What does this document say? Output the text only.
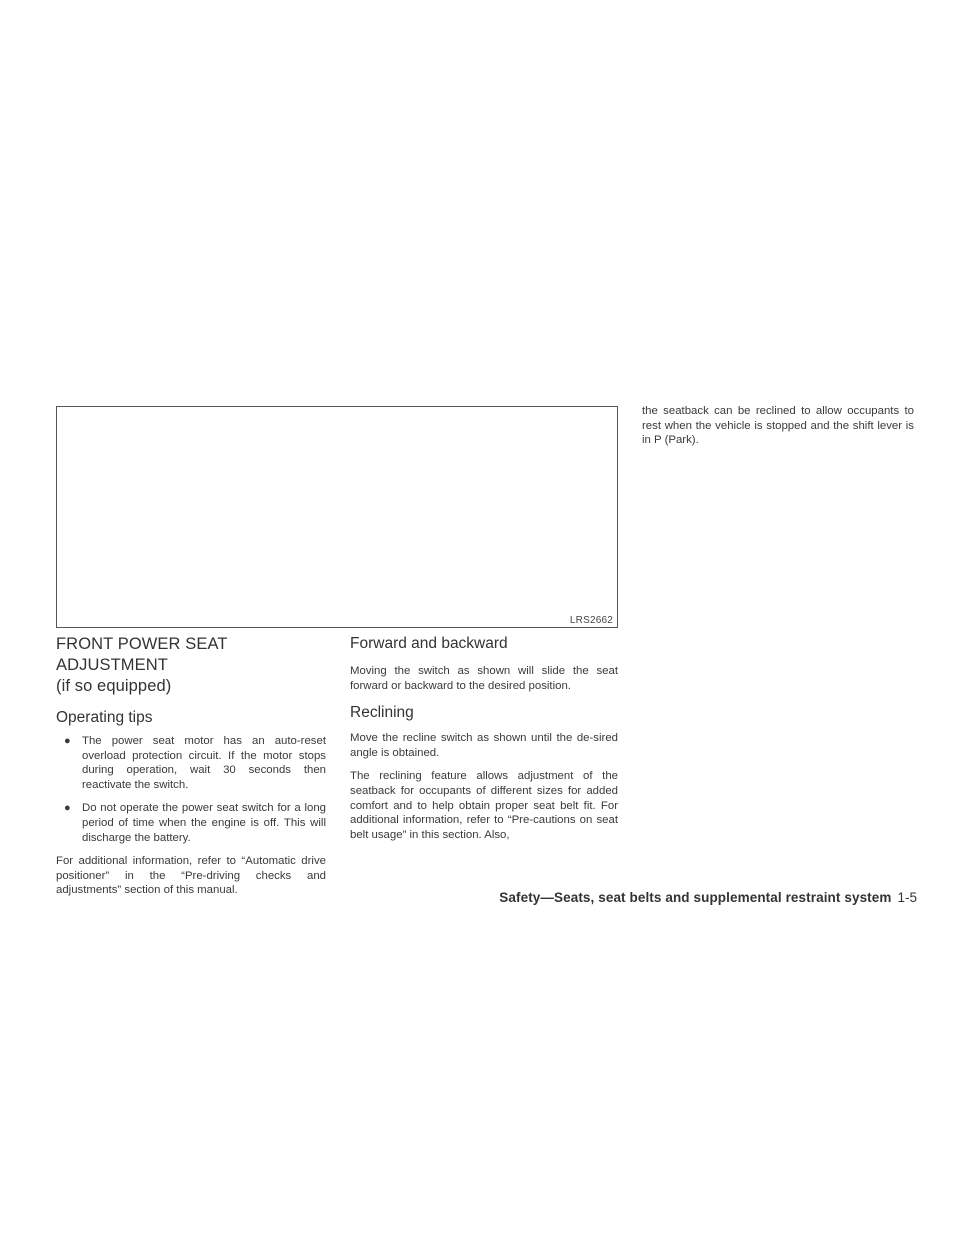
LRS2662
FRONT POWER SEAT ADJUSTMENT
(if so equipped)
Operating tips
● The power seat motor has an auto-reset overload protection circuit. If the motor stops during operation, wait 30 seconds then reactivate the switch.
● Do not operate the power seat switch for a long period of time when the engine is off. This will discharge the battery.

For additional information, refer to “Automatic drive positioner” in the “Pre-driving checks and adjustments” section of this manual.

Forward and backward

Moving the switch as shown will slide the seat forward or backward to the desired position.

Reclining

Move the recline switch as shown until the de-sired angle is obtained.

The reclining feature allows adjustment of the seatback for occupants of different sizes for added comfort and to help obtain proper seat belt fit. For additional information, refer to “Pre-cautions on seat belt usage” in this section. Also,

the seatback can be reclined to allow occupants to rest when the vehicle is stopped and the shift lever is in P (Park).

Safety—Seats, seat belts and supplemental restraint system 1-5
